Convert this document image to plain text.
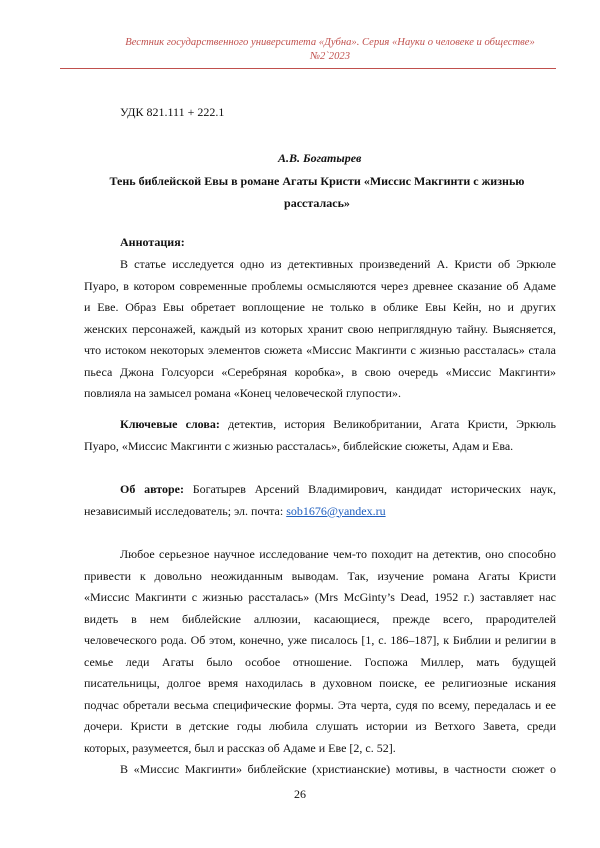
Вестник государственного университета «Дубна». Серия «Науки о человеке и обществе»
№2`2023
УДК 821.111 + 222.1
А.В. Богатырев
Тень библейской Евы в романе Агаты Кристи «Миссис Макгинти с жизнью
рассталась»
Аннотация:
В статье исследуется одно из детективных произведений А. Кристи об Эркюле
Пуаро, в котором современные проблемы осмысляются через древнее сказание об Адаме
и Еве. Образ Евы обретает воплощение не только в облике Евы Кейн, но и других
женских персонажей, каждый из которых хранит свою неприглядную тайну. Выясняется,
что истоком некоторых элементов сюжета «Миссис Макгинти с жизнью рассталась» стала
пьеса Джона Голсуорси «Серебряная коробка», в свою очередь «Миссис Макгинти»
повлияла на замысел романа «Конец человеческой глупости».
Ключевые слова: детектив, история Великобритании, Агата Кристи, Эркюль
Пуаро, «Миссис Макгинти с жизнью рассталась», библейские сюжеты, Адам и Ева.
Об авторе: Богатырев Арсений Владимирович, кандидат исторических наук,
независимый исследователь; эл. почта: sob1676@yandex.ru
Любое серьезное научное исследование чем-то походит на детектив, оно способно
привести к довольно неожиданным выводам. Так, изучение романа Агаты Кристи
«Миссис Макгинти с жизнью рассталась» (Mrs McGinty’s Dead, 1952 г.) заставляет нас
видеть в нем библейские аллюзии, касающиеся, прежде всего, прародителей
человеческого рода. Об этом, конечно, уже писалось [1, с. 186–187], к Библии и религии в
семье леди Агаты было особое отношение. Госпожа Миллер, мать будущей
писательницы, долгое время находилась в духовном поиске, ее религиозные искания
подчас обретали весьма специфические формы. Эта черта, судя по всему, передалась и ее
дочери. Кристи в детские годы любила слушать истории из Ветхого Завета, среди
которых, разумеется, был и рассказ об Адаме и Еве [2, с. 52].
В «Миссис Макгинти» библейские (христианские) мотивы, в частности сюжет о
26
